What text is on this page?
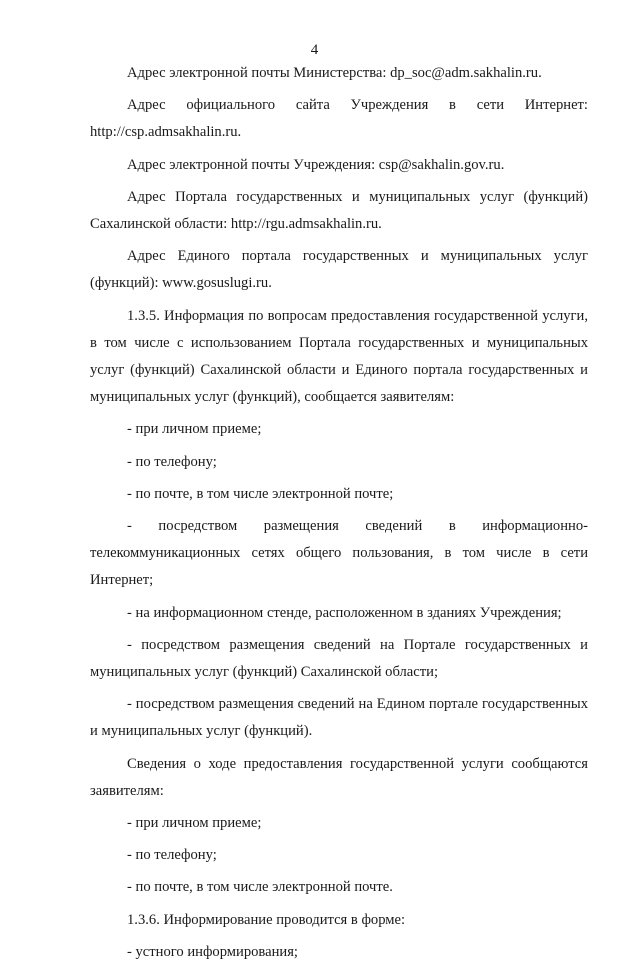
4

Адрес электронной почты Министерства: dp_soc@adm.sakhalin.ru.

Адрес официального сайта Учреждения в сети Интернет: http://csp.admsakhalin.ru.

Адрес электронной почты Учреждения: csp@sakhalin.gov.ru.

Адрес Портала государственных и муниципальных услуг (функций) Сахалинской области: http://rgu.admsakhalin.ru.

Адрес Единого портала государственных и муниципальных услуг (функций): www.gosuslugi.ru.

1.3.5. Информация по вопросам предоставления государственной услуги, в том числе с использованием Портала государственных и муниципальных услуг (функций) Сахалинской области и Единого портала государственных и муниципальных услуг (функций), сообщается заявителям:

- при личном приеме;

- по телефону;

- по почте, в том числе электронной почте;

- посредством размещения сведений в информационно-телекоммуникационных сетях общего пользования, в том числе в сети Интернет;

- на информационном стенде, расположенном в зданиях Учреждения;

- посредством размещения сведений на Портале государственных и муниципальных услуг (функций) Сахалинской области;

- посредством размещения сведений на Едином портале государственных и муниципальных услуг (функций).

Сведения о ходе предоставления государственной услуги сообщаются заявителям:

- при личном приеме;

- по телефону;

- по почте, в том числе электронной почте.

1.3.6. Информирование проводится в форме:

- устного информирования;
